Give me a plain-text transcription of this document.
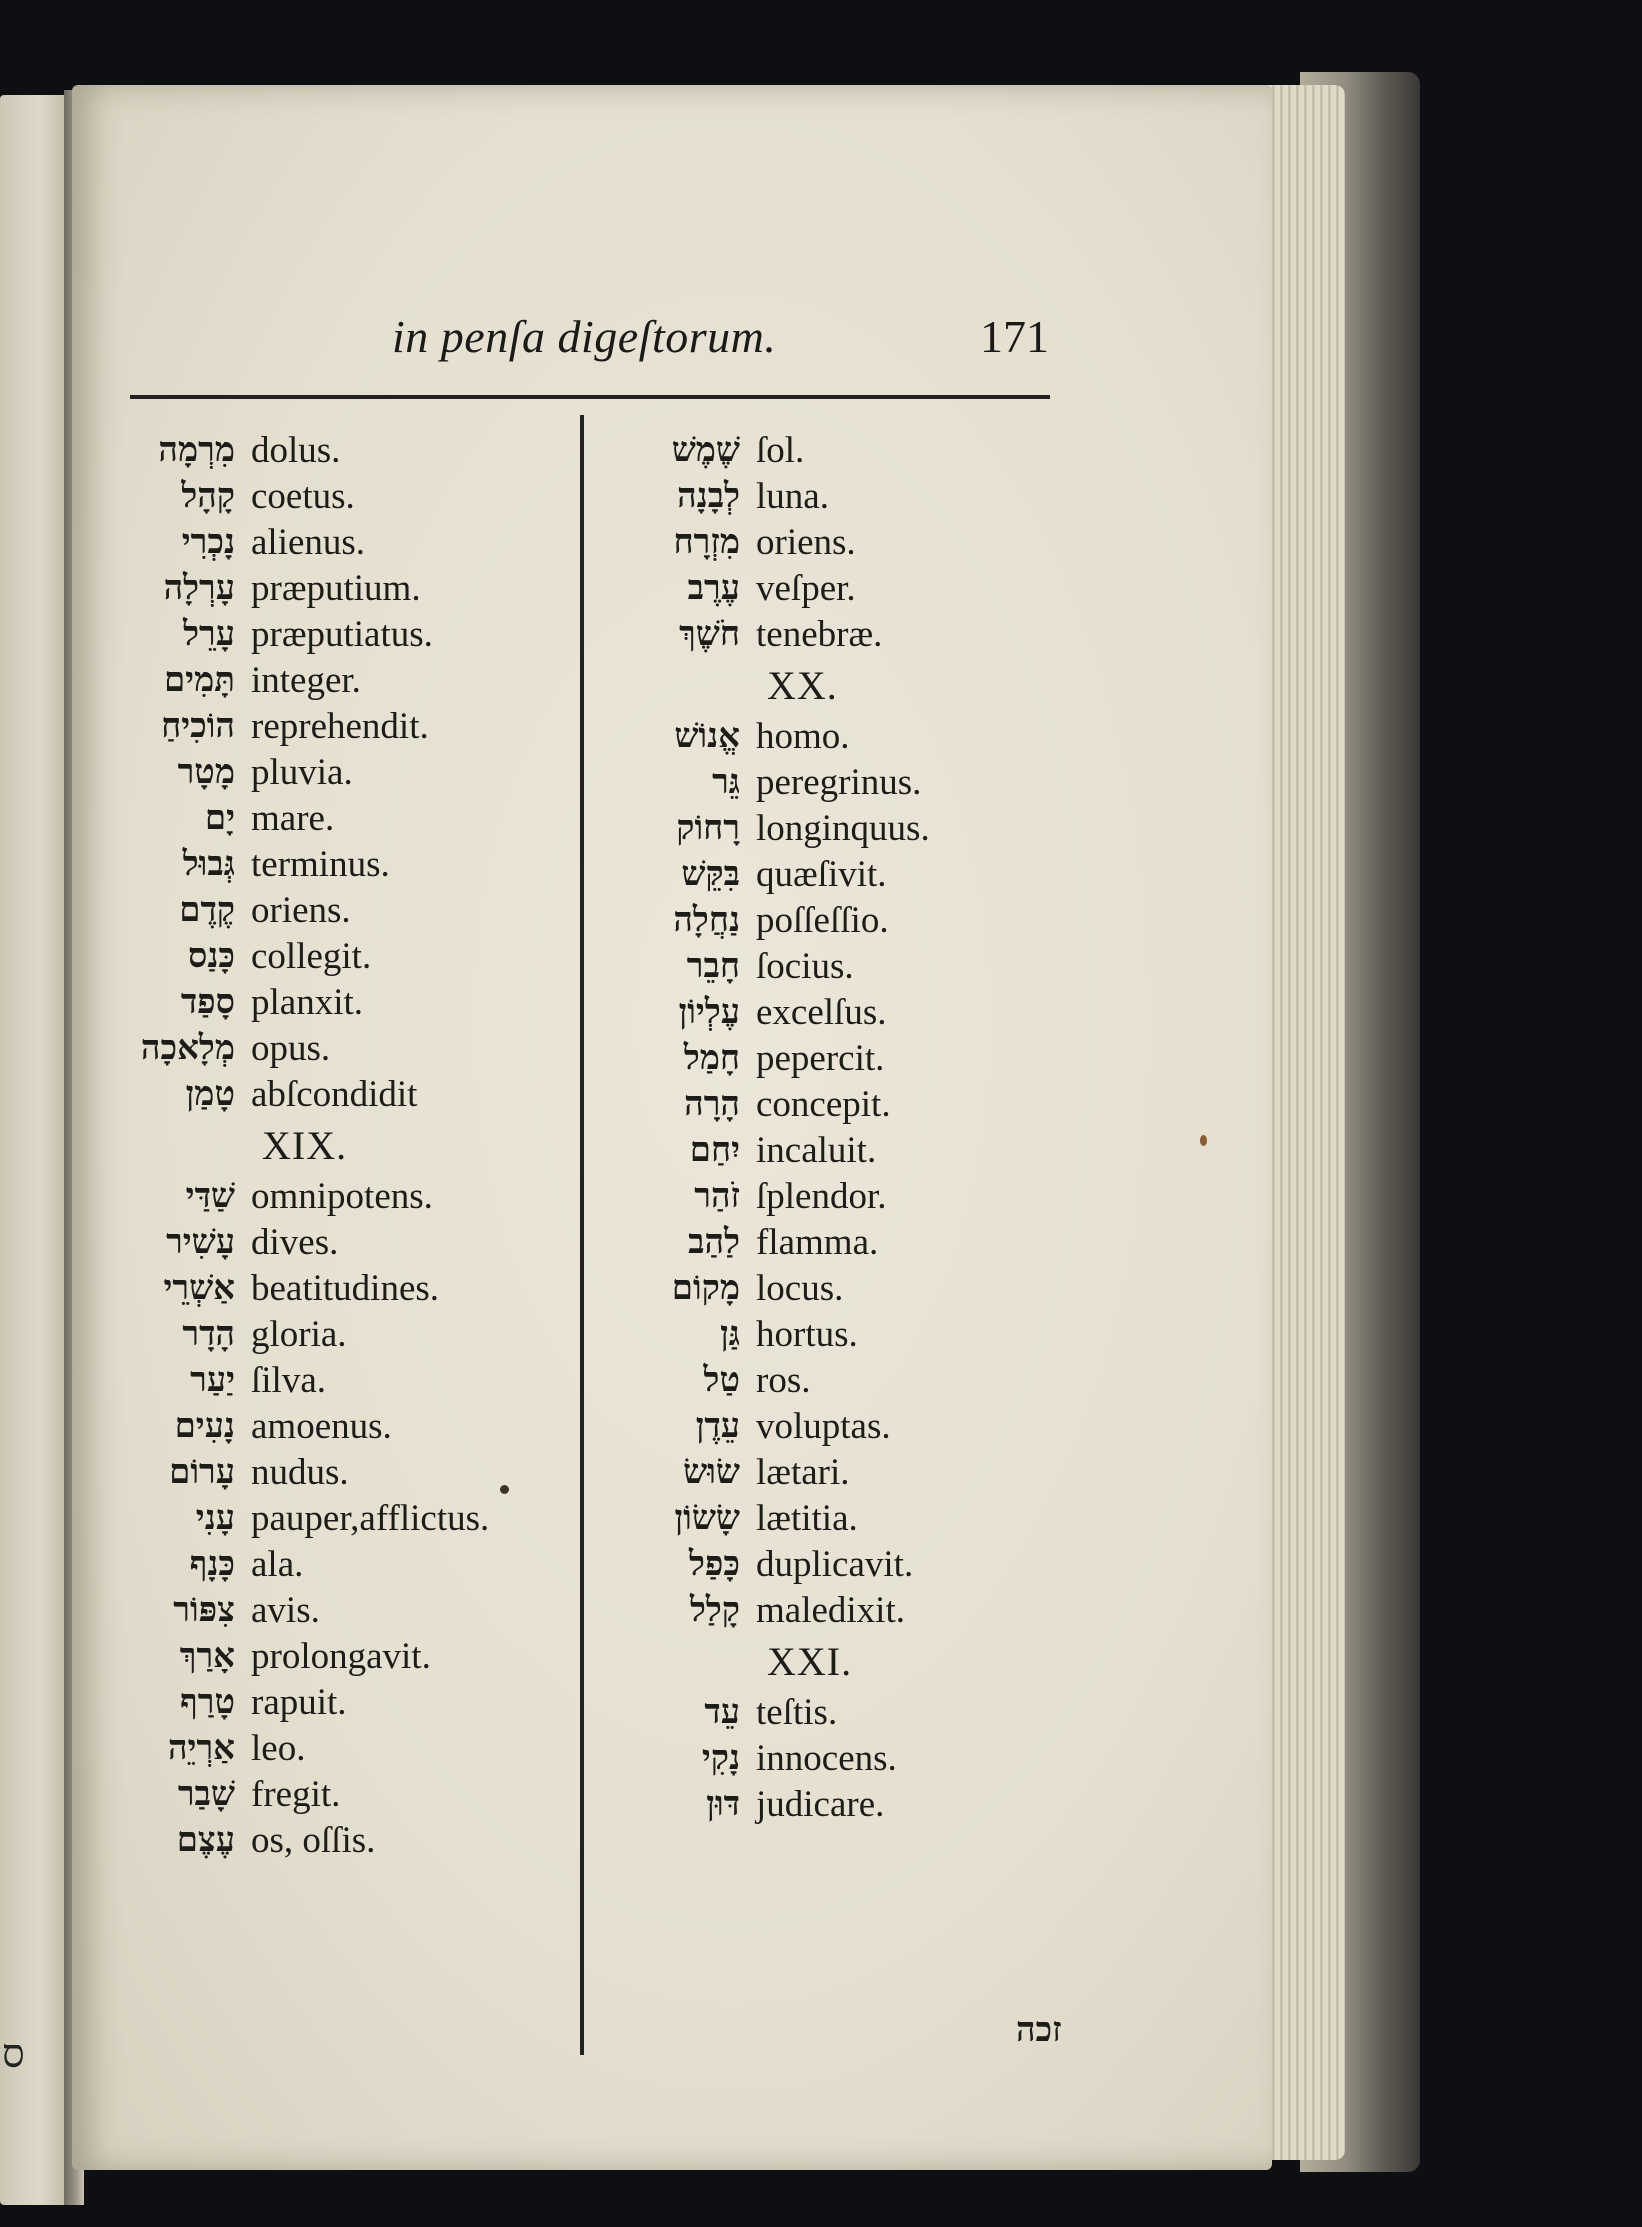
ס
in penſa digeſtorum.	171
מִרְמָה dolus.
קָהָל coetus.
נָכְרִי alienus.
עָרְלָה præputium.
עָרֵל præputiatus.
תָּמִים integer.
הוֹכִיחַ reprehendit.
מָטָר pluvia.
יָם mare.
גְּבוּל terminus.
קֶדֶם oriens.
כָּנַס collegit.
סָפַד planxit.
מְלָאכָה opus.
טָמַן abſcondidit
XIX.
שַׁדַּי omnipotens.
עָשִׁיר dives.
אַשְׁרֵי beatitudines.
הָדָר gloria.
יַעַר ſilva.
נָעִים amoenus.
עָרוֹם nudus.
עָנִי pauper,afflictus.
כָּנָף ala.
צִפּוֹר avis.
אָרַךְ prolongavit.
טָרַף rapuit.
אַרְיֵה leo.
שָׁבַר fregit.
עֶצֶם os, oſſis.
שֶׁמֶשׁ ſol.
לְבָנָה luna.
מִזְרָח oriens.
עֶרֶב veſper.
חֹשֶׁךְ tenebræ.
XX.
אֱנוֹשׁ homo.
גֵּר peregrinus.
רָחוֹק longinquus.
בִּקֵּשׁ quæſivit.
נַחֲלָה poſſeſſio.
חָבֵר ſocius.
עֶלְיוֹן excelſus.
חָמַל pepercit.
הָרָה concepit.
יִחַם incaluit.
זֹהַר ſplendor.
לַהַב flamma.
מָקוֹם locus.
גַּן hortus.
טַל ros.
עֵדֶן voluptas.
שׂוּשׂ lætari.
שָׂשׂוֹן lætitia.
כָּפַל duplicavit.
קָלַל maledixit.
XXI.
עֵד teſtis.
נָקִי innocens.
דּוּן judicare.
זכה
